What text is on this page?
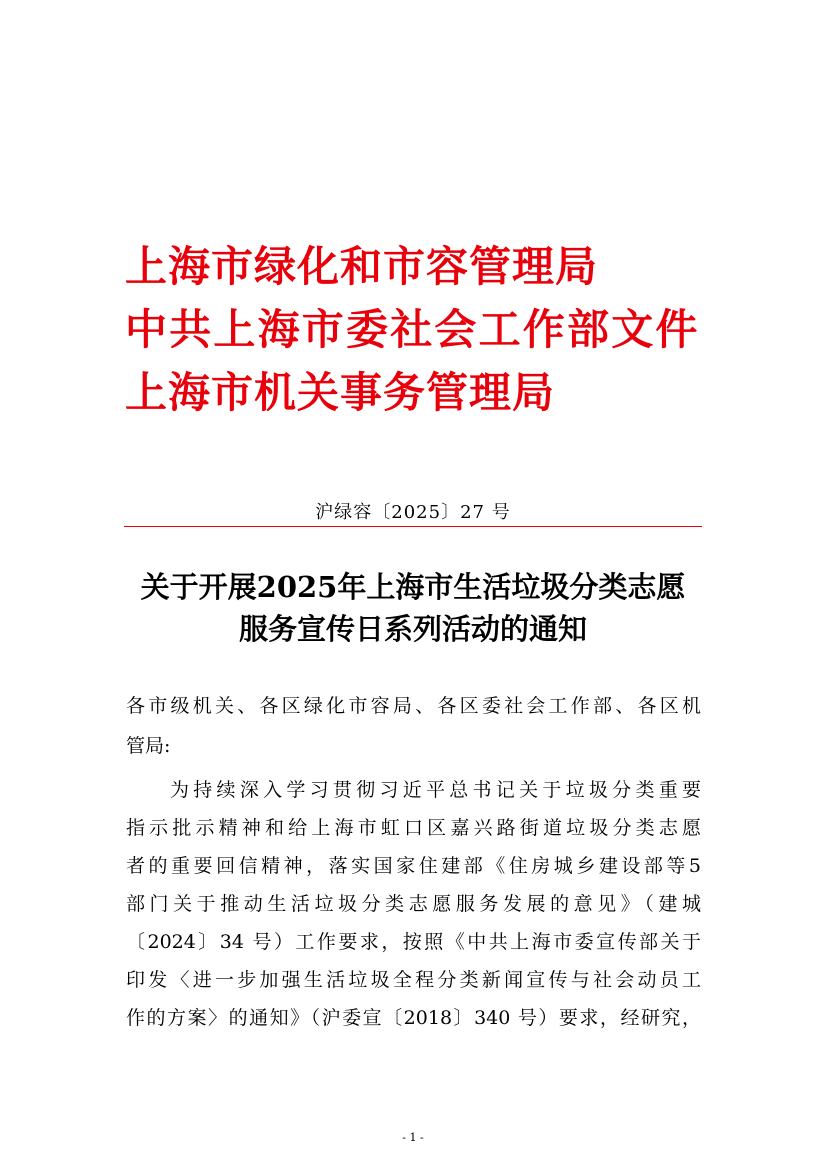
上海市绿化和市容管理局
中共上海市委社会工作部文件
上海市机关事务管理局
沪绿容〔2025〕27 号
关于开展2025年上海市生活垃圾分类志愿
服务宣传日系列活动的通知
各市级机关、各区绿化市容局、各区委社会工作部、各区机
管局:
为持续深入学习贯彻习近平总书记关于垃圾分类重要
指示批示精神和给上海市虹口区嘉兴路街道垃圾分类志愿
者的重要回信精神，落实国家住建部《住房城乡建设部等5
部门关于推动生活垃圾分类志愿服务发展的意见》（建城
〔2024〕34 号）工作要求，按照《中共上海市委宣传部关于
印发〈进一步加强生活垃圾全程分类新闻宣传与社会动员工
作的方案〉的通知》（沪委宣〔2018〕340 号）要求，经研究，
- 1 -
